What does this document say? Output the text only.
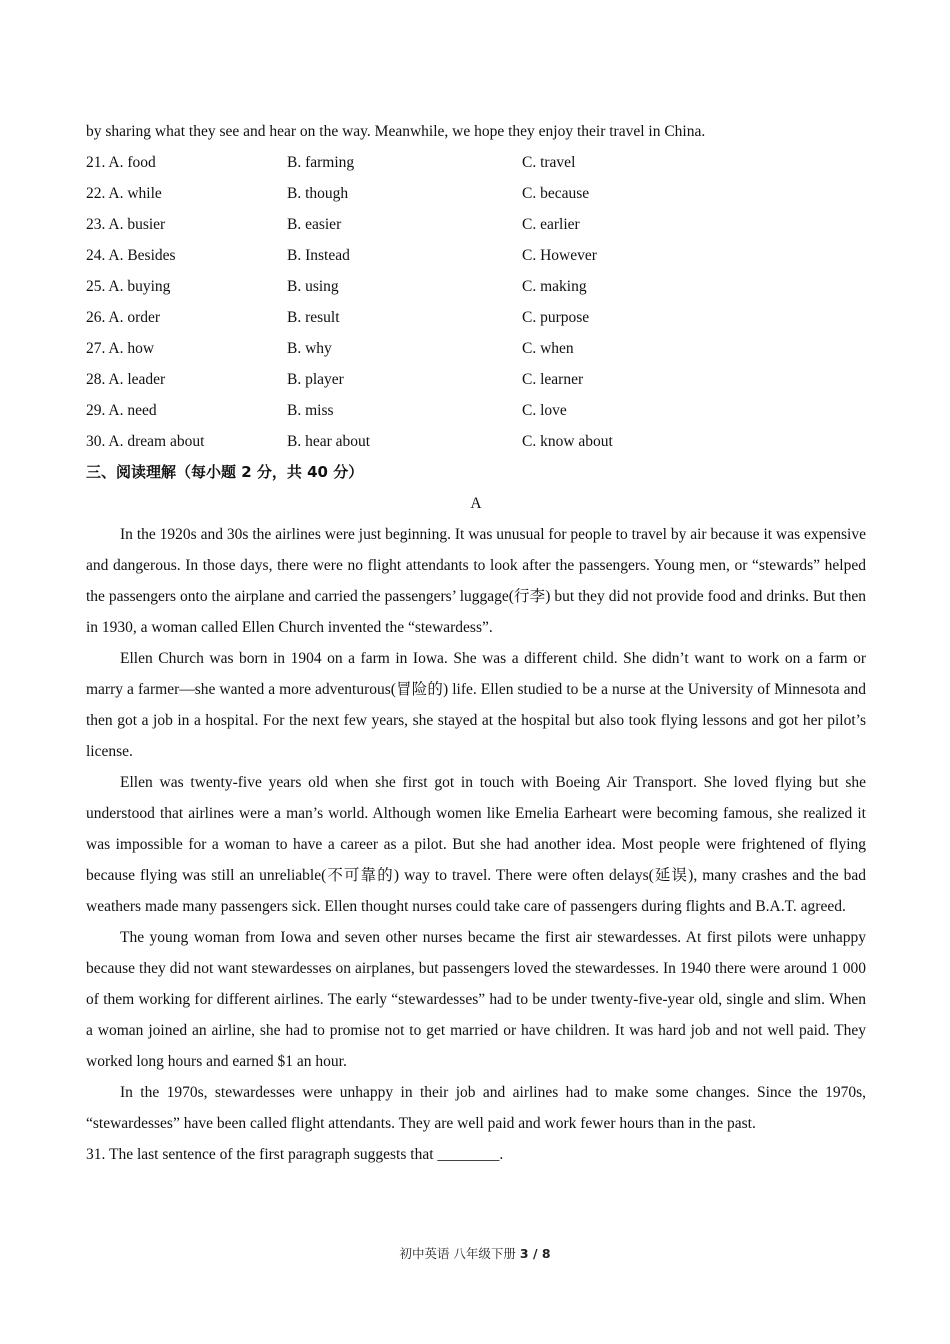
by sharing what they see and hear on the way. Meanwhile, we hope they enjoy their travel in China.
21. A. food	B. farming	C. travel
22. A. while	B. though	C. because
23. A. busier	B. easier	C. earlier
24. A. Besides	B. Instead	C. However
25. A. buying	B. using	C. making
26. A. order	B. result	C. purpose
27. A. how	B. why	C. when
28. A. leader	B. player	C. learner
29. A. need	B. miss	C. love
30. A. dream about	B. hear about	C. know about
三、阅读理解（每小题 2 分，共 40 分）
A

In the 1920s and 30s the airlines were just beginning. It was unusual for people to travel by air because it was expensive and dangerous. In those days, there were no flight attendants to look after the passengers. Young men, or “stewards” helped the passengers onto the airplane and carried the passengers’ luggage(行李) but they did not provide food and drinks. But then in 1930, a woman called Ellen Church invented the “stewardess”.

Ellen Church was born in 1904 on a farm in Iowa. She was a different child. She didn’t want to work on a farm or marry a farmer—she wanted a more adventurous(冒险的) life. Ellen studied to be a nurse at the University of Minnesota and then got a job in a hospital. For the next few years, she stayed at the hospital but also took flying lessons and got her pilot’s license.

Ellen was twenty-five years old when she first got in touch with Boeing Air Transport. She loved flying but she understood that airlines were a man’s world. Although women like Emelia Earheart were becoming famous, she realized it was impossible for a woman to have a career as a pilot. But she had another idea. Most people were frightened of flying because flying was still an unreliable(不可靠的) way to travel. There were often delays(延误), many crashes and the bad weathers made many passengers sick. Ellen thought nurses could take care of passengers during flights and B.A.T. agreed.

The young woman from Iowa and seven other nurses became the first air stewardesses. At first pilots were unhappy because they did not want stewardesses on airplanes, but passengers loved the stewardesses. In 1940 there were around 1 000 of them working for different airlines. The early “stewardesses” had to be under twenty-five-year old, single and slim. When a woman joined an airline, she had to promise not to get married or have children. It was hard job and not well paid. They worked long hours and earned $1 an hour.

In the 1970s, stewardesses were unhappy in their job and airlines had to make some changes. Since the 1970s, “stewardesses” have been called flight attendants. They are well paid and work fewer hours than in the past.

31. The last sentence of the first paragraph suggests that ________.
初中英语 八年级下册 3 / 8
